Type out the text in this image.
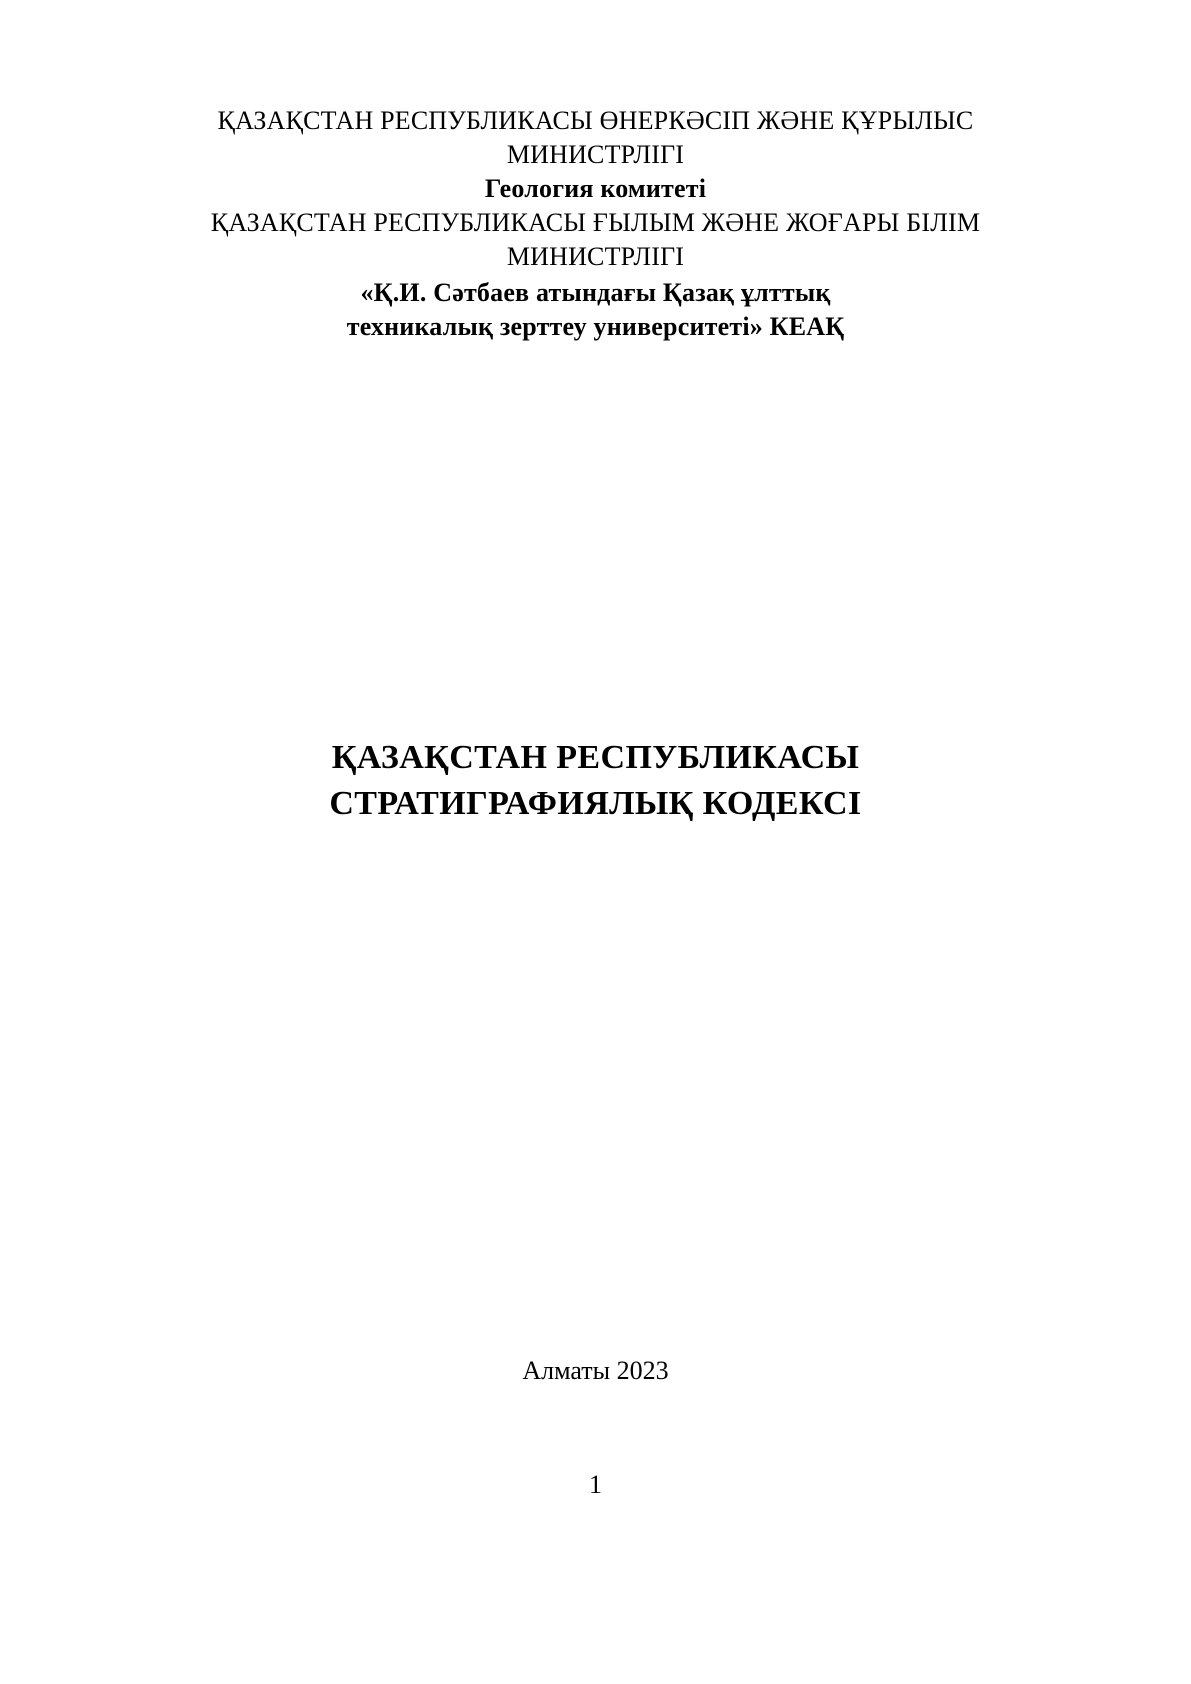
ҚАЗАҚСТАН РЕСПУБЛИКАСЫ ӨНЕРКӘСІП ЖӘНЕ ҚҰРЫЛЫС
МИНИСТРЛІГІ
Геология комитеті
ҚАЗАҚСТАН РЕСПУБЛИКАСЫ ҒЫЛЫМ ЖӘНЕ ЖОҒАРЫ БІЛІМ
МИНИСТРЛІГІ
«Қ.И. Сәтбаев атындағы Қазақ ұлттық
техникалық зерттеу университеті» КЕАҚ
ҚАЗАҚСТАН РЕСПУБЛИКАСЫ
СТРАТИГРАФИЯЛЫҚ КОДЕКСІ
Алматы 2023
1
